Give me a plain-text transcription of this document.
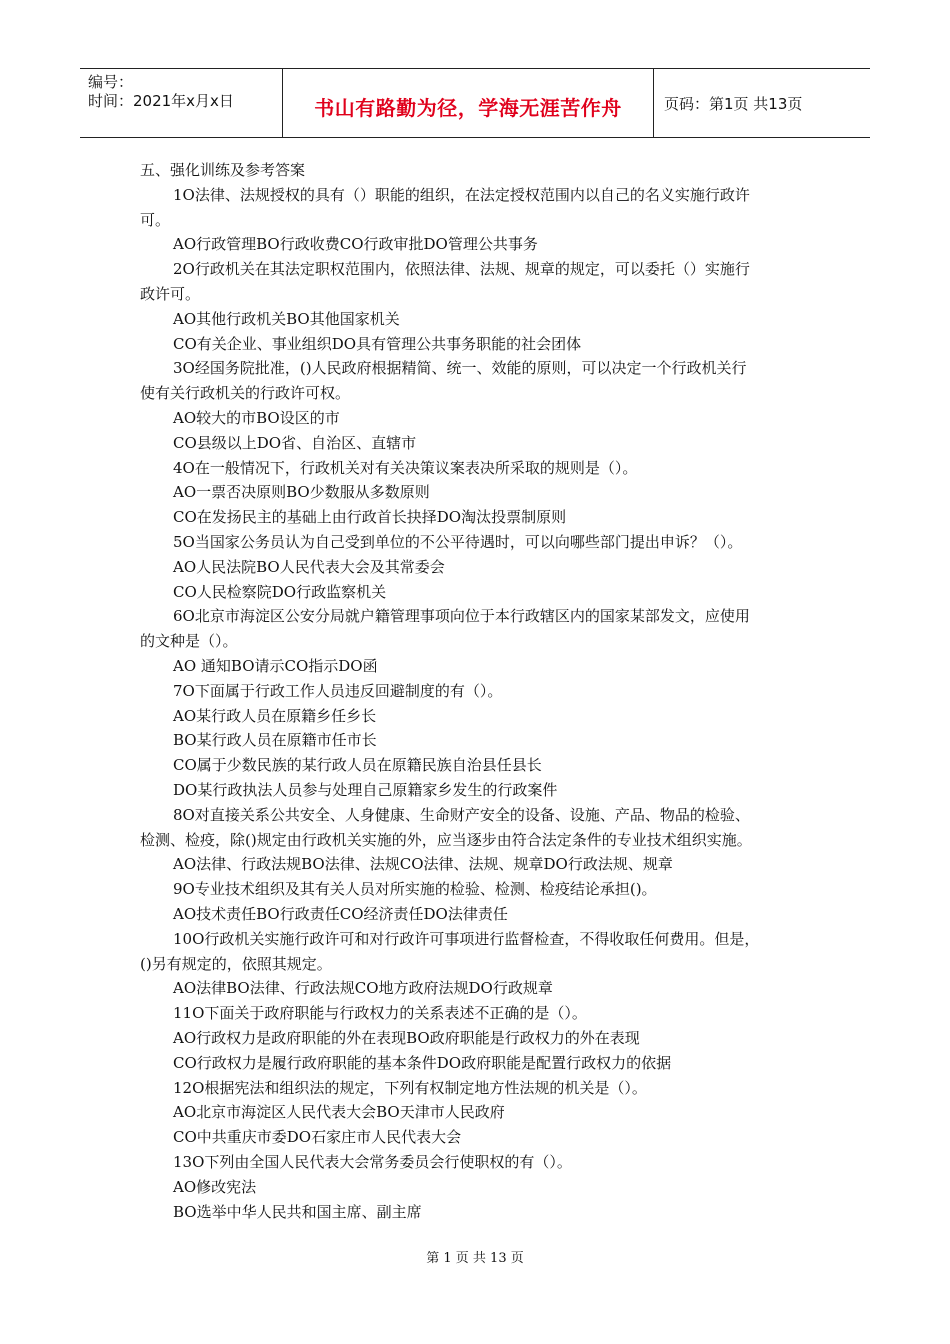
编号：
时间：2021年x月x日	书山有路勤为径，学海无涯苦作舟	页码：第1页 共13页
五、强化训练及参考答案
1O法律、法规授权的具有（）职能的组织，在法定授权范围内以自己的名义实施行政许
可。
AO行政管理BO行政收费CO行政审批DO管理公共事务
2O行政机关在其法定职权范围内，依照法律、法规、规章的规定，可以委托（）实施行
政许可。
AO其他行政机关BO其他国家机关
CO有关企业、事业组织DO具有管理公共事务职能的社会团体
3O经国务院批准，()人民政府根据精简、统一、效能的原则，可以决定一个行政机关行
使有关行政机关的行政许可权。
AO较大的市BO设区的市
CO县级以上DO省、自治区、直辖市
4O在一般情况下，行政机关对有关决策议案表决所采取的规则是（）。
AO一票否决原则BO少数服从多数原则
CO在发扬民主的基础上由行政首长抉择DO淘汰投票制原则
5O当国家公务员认为自己受到单位的不公平待遇时，可以向哪些部门提出申诉？（）。
AO人民法院BO人民代表大会及其常委会
CO人民检察院DO行政监察机关
6O北京市海淀区公安分局就户籍管理事项向位于本行政辖区内的国家某部发文，应使用
的文种是（）。
AO 通知BO请示CO指示DO函
7O下面属于行政工作人员违反回避制度的有（）。
AO某行政人员在原籍乡任乡长
BO某行政人员在原籍市任市长
CO属于少数民族的某行政人员在原籍民族自治县任县长
DO某行政执法人员参与处理自己原籍家乡发生的行政案件
8O对直接关系公共安全、人身健康、生命财产安全的设备、设施、产品、物品的检验、
检测、检疫，除()规定由行政机关实施的外，应当逐步由符合法定条件的专业技术组织实施。
AO法律、行政法规BO法律、法规CO法律、法规、规章DO行政法规、规章
9O专业技术组织及其有关人员对所实施的检验、检测、检疫结论承担()。
AO技术责任BO行政责任CO经济责任DO法律责任
10O行政机关实施行政许可和对行政许可事项进行监督检查，不得收取任何费用。但是，
()另有规定的，依照其规定。
AO法律BO法律、行政法规CO地方政府法规DO行政规章
11O下面关于政府职能与行政权力的关系表述不正确的是（）。
AO行政权力是政府职能的外在表现BO政府职能是行政权力的外在表现
CO行政权力是履行政府职能的基本条件DO政府职能是配置行政权力的依据
12O根据宪法和组织法的规定，下列有权制定地方性法规的机关是（）。
AO北京市海淀区人民代表大会BO天津市人民政府
CO中共重庆市委DO石家庄市人民代表大会
13O下列由全国人民代表大会常务委员会行使职权的有（）。
AO修改宪法
BO选举中华人民共和国主席、副主席
第 1 页 共 13 页
